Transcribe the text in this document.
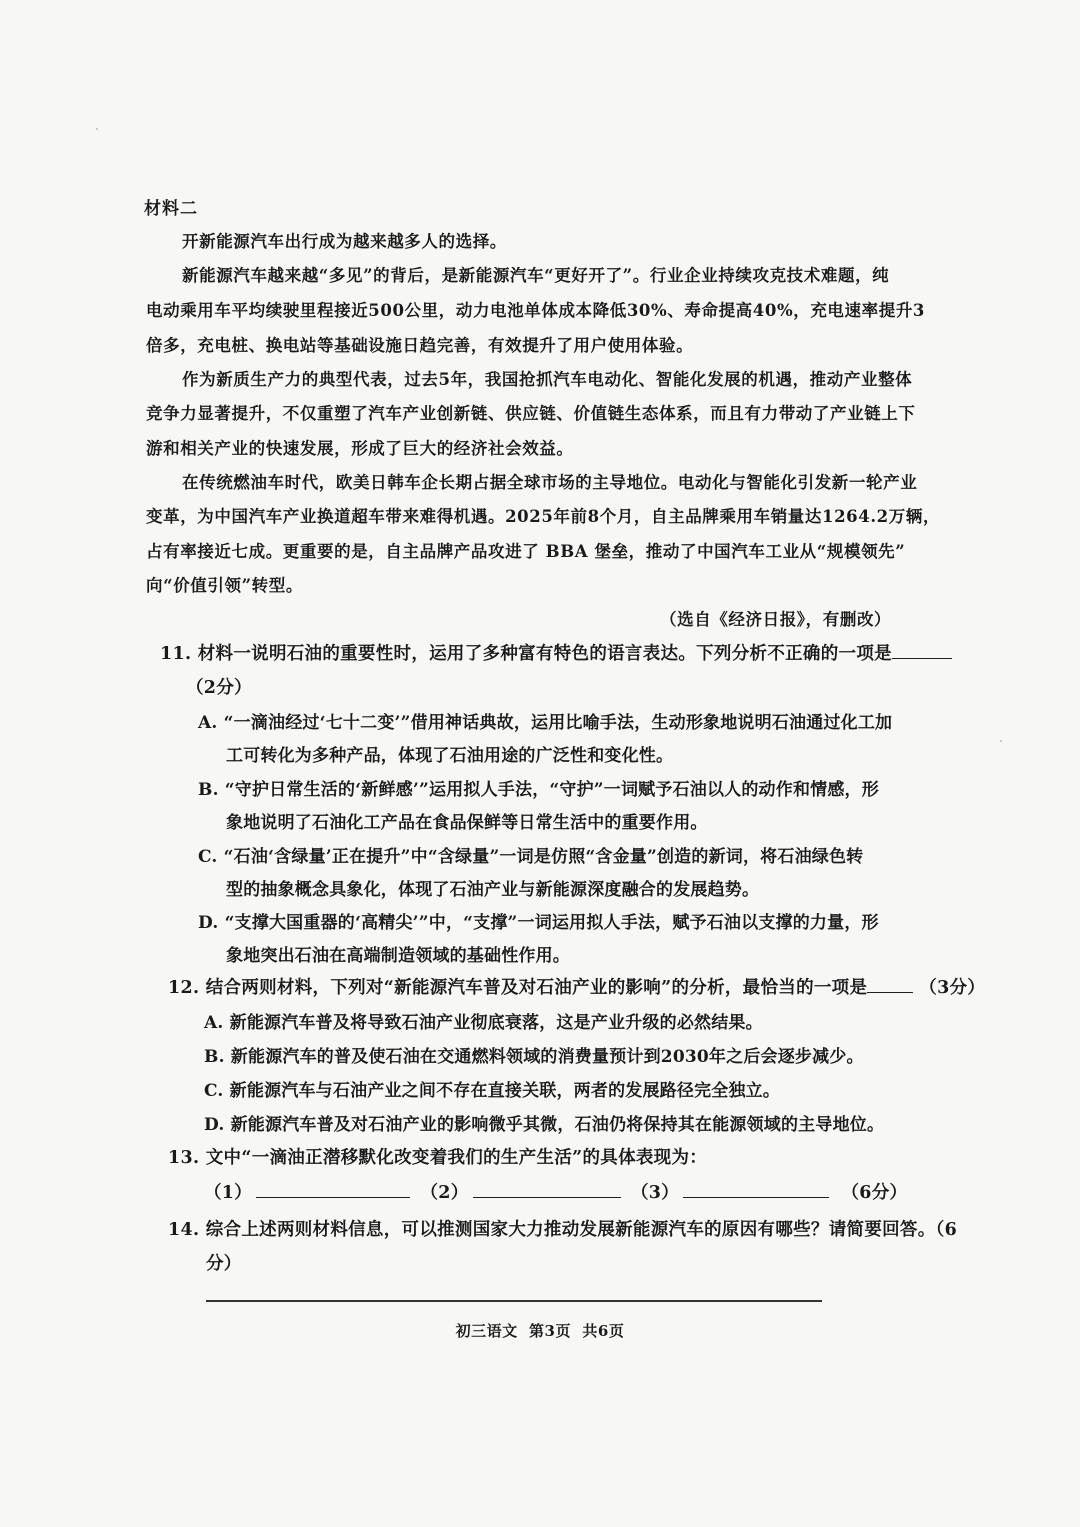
材料二
开新能源汽车出行成为越来越多人的选择。
新能源汽车越来越“多见”的背后，是新能源汽车“更好开了”。行业企业持续攻克技术难题，纯
电动乘用车平均续驶里程接近500公里，动力电池单体成本降低30%、寿命提高40%，充电速率提升3
倍多，充电桩、换电站等基础设施日趋完善，有效提升了用户使用体验。
作为新质生产力的典型代表，过去5年，我国抢抓汽车电动化、智能化发展的机遇，推动产业整体
竞争力显著提升，不仅重塑了汽车产业创新链、供应链、价值链生态体系，而且有力带动了产业链上下
游和相关产业的快速发展，形成了巨大的经济社会效益。
在传统燃油车时代，欧美日韩车企长期占据全球市场的主导地位。电动化与智能化引发新一轮产业
变革，为中国汽车产业换道超车带来难得机遇。2025年前8个月，自主品牌乘用车销量达1264.2万辆，
占有率接近七成。更重要的是，自主品牌产品攻进了 BBA 堡垒，推动了中国汽车工业从“规模领先”
向“价值引领”转型。
（选自《经济日报》，有删改）
11. 材料一说明石油的重要性时，运用了多种富有特色的语言表达。下列分析不正确的一项是
（2分）
A. “一滴油经过‘七十二变’”借用神话典故，运用比喻手法，生动形象地说明石油通过化工加
工可转化为多种产品，体现了石油用途的广泛性和变化性。
B. “守护日常生活的‘新鲜感’”运用拟人手法，“守护”一词赋予石油以人的动作和情感，形
象地说明了石油化工产品在食品保鲜等日常生活中的重要作用。
C. “石油‘含绿量’正在提升”中“含绿量”一词是仿照“含金量”创造的新词，将石油绿色转
型的抽象概念具象化，体现了石油产业与新能源深度融合的发展趋势。
D. “支撑大国重器的‘高精尖’”中，“支撑”一词运用拟人手法，赋予石油以支撑的力量，形
象地突出石油在高端制造领域的基础性作用。
12. 结合两则材料，下列对“新能源汽车普及对石油产业的影响”的分析，最恰当的一项是	（3分）
A. 新能源汽车普及将导致石油产业彻底衰落，这是产业升级的必然结果。
B. 新能源汽车的普及使石油在交通燃料领域的消费量预计到2030年之后会逐步减少。
C. 新能源汽车与石油产业之间不存在直接关联，两者的发展路径完全独立。
D. 新能源汽车普及对石油产业的影响微乎其微，石油仍将保持其在能源领域的主导地位。
13. 文中“一滴油正潜移默化改变着我们的生产生活”的具体表现为：
（1）	（2）	（3）	（6分）
14. 综合上述两则材料信息，可以推测国家大力推动发展新能源汽车的原因有哪些？请简要回答。（6
分）
初三语文  第3页  共6页
